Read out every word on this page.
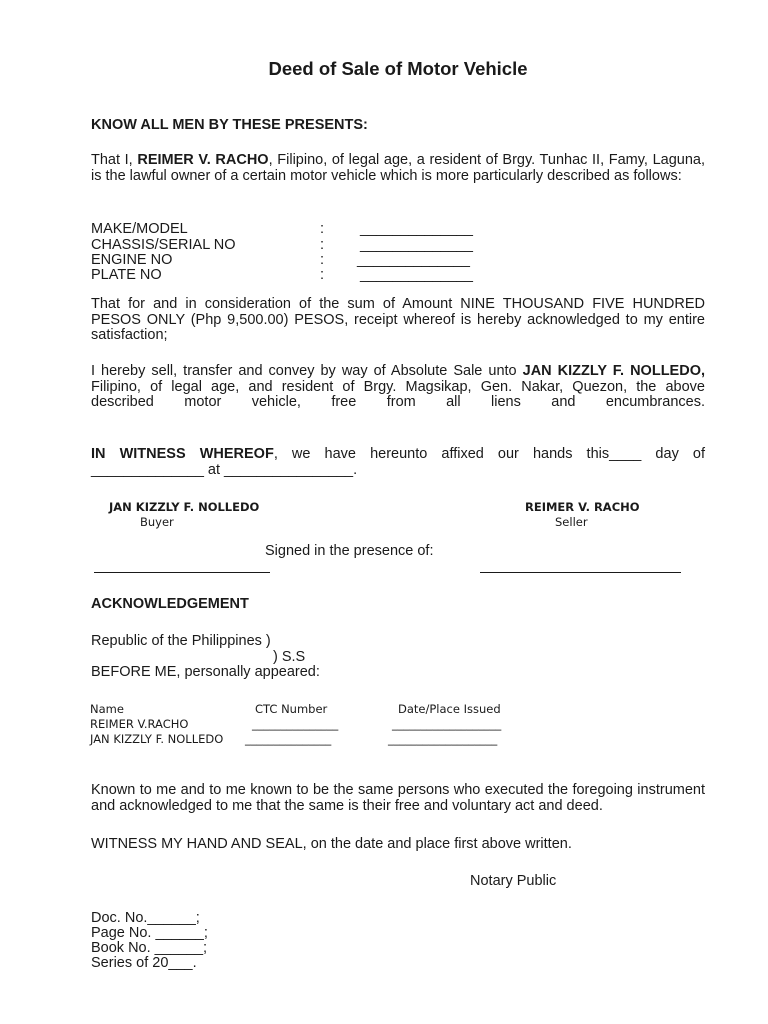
Deed of Sale of Motor Vehicle
KNOW ALL MEN BY THESE PRESENTS:
That I, REIMER V. RACHO, Filipino, of legal age, a resident of Brgy. Tunhac II, Famy, Laguna, is the lawful owner of a certain motor vehicle which is more particularly described as follows:
MAKE/MODEL	: ______________
CHASSIS/SERIAL NO	: ______________
ENGINE NO	: ______________
PLATE NO	: ______________
That for and in consideration of the sum of Amount NINE THOUSAND FIVE HUNDRED PESOS ONLY (Php 9,500.00) PESOS, receipt whereof is hereby acknowledged to my entire satisfaction;
I hereby sell, transfer and convey by way of Absolute Sale unto JAN KIZZLY F. NOLLEDO, Filipino, of legal age, and resident of Brgy. Magsikap, Gen. Nakar, Quezon, the above described motor vehicle, free from all liens and encumbrances.
IN WITNESS WHEREOF, we have hereunto affixed our hands this____ day of
______________ at ________________.
JAN KIZZLY F. NOLLEDO
Buyer
REIMER V. RACHO
Seller
Signed in the presence of:
ACKNOWLEDGEMENT
Republic of the Philippines )
) S.S
BEFORE ME, personally appeared:
Name	CTC Number	Date/Place Issued
REIMER V.RACHO	_______________	___________________
JAN KIZZLY F. NOLLEDO _______________	___________________
Known to me and to me known to be the same persons who executed the foregoing instrument and acknowledged to me that the same is their free and voluntary act and deed.
WITNESS MY HAND AND SEAL, on the date and place first above written.
Notary Public
Doc. No.______;
Page No. ______;
Book No. ______;
Series of 20___.
